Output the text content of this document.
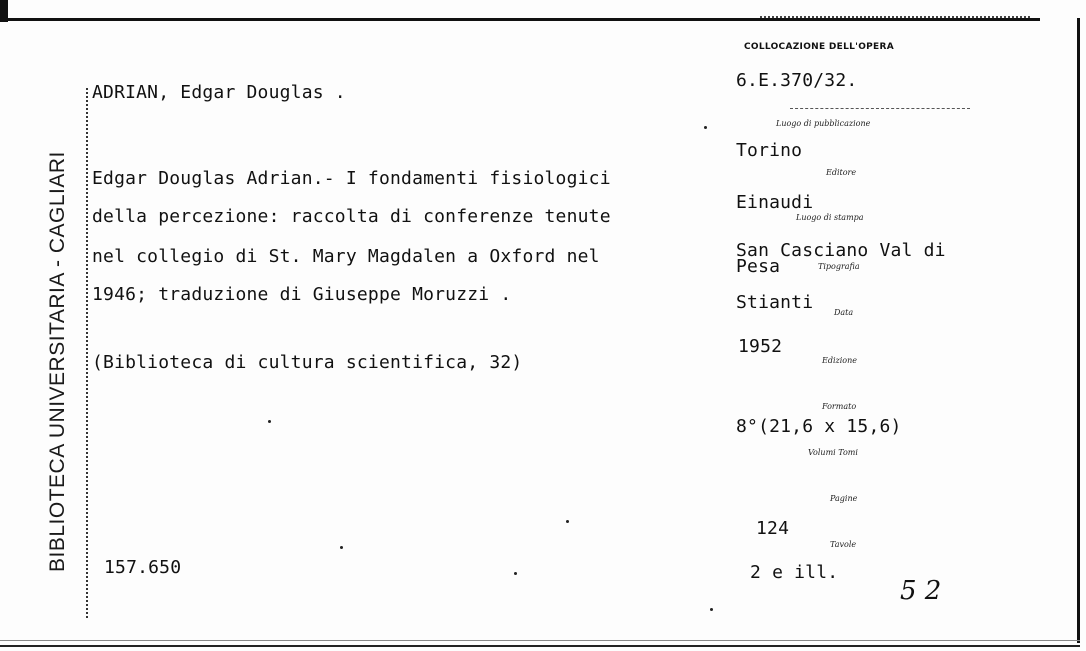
BIBLIOTECA UNIVERSITARIA - CAGLIARI
ADRIAN, Edgar Douglas .
Edgar Douglas Adrian.- I fondamenti fisiologici
della percezione: raccolta di conferenze tenute
nel collegio di St. Mary Magdalen a Oxford nel
1946; traduzione di Giuseppe Moruzzi .
(Biblioteca di cultura scientifica, 32)
157.650
COLLOCAZIONE DELL'OPERA
6.E.370/32.
Luogo di pubblicazione
Torino
Editore
Einaudi
Luogo di stampa
San Casciano Val di
Pesa	Tipografia
Stianti	Data
1952
Edizione
Formato
8°(21,6 x 15,6)
Volumi Tomi
Pagine
124
Tavole
2 e ill.
5 2
